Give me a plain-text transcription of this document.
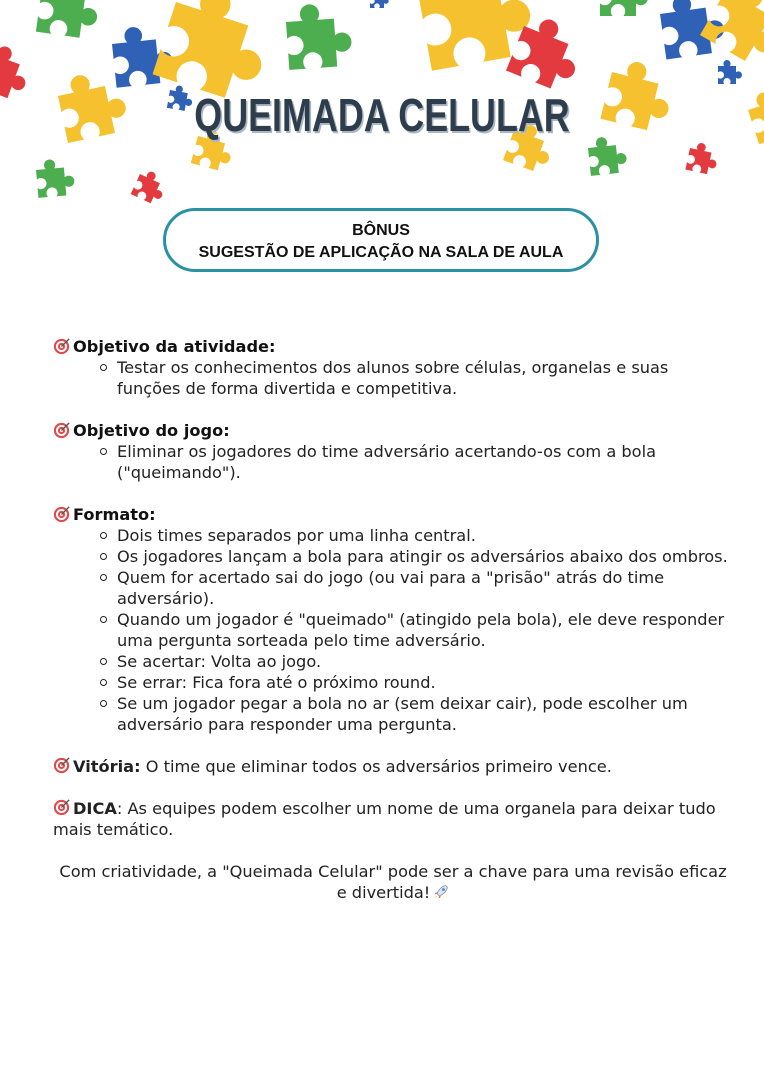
QUEIMADA CELULAR
BÔNUS
SUGESTÃO DE APLICAÇÃO NA SALA DE AULA
Objetivo da atividade:
Testar os conhecimentos dos alunos sobre células, organelas e suas funções de forma divertida e competitiva.
Objetivo do jogo:
Eliminar os jogadores do time adversário acertando-os com a bola ("queimando").
Formato:
Dois times separados por uma linha central.
Os jogadores lançam a bola para atingir os adversários abaixo dos ombros.
Quem for acertado sai do jogo (ou vai para a "prisão" atrás do time adversário).
Quando um jogador é "queimado" (atingido pela bola), ele deve responder uma pergunta sorteada pelo time adversário.
Se acertar: Volta ao jogo.
Se errar: Fica fora até o próximo round.
Se um jogador pegar a bola no ar (sem deixar cair), pode escolher um adversário para responder uma pergunta.
Vitória: O time que eliminar todos os adversários primeiro vence.
DICA: As equipes podem escolher um nome de uma organela para deixar tudo mais temático.
Com criatividade, a "Queimada Celular" pode ser a chave para uma revisão eficaz e divertida!
